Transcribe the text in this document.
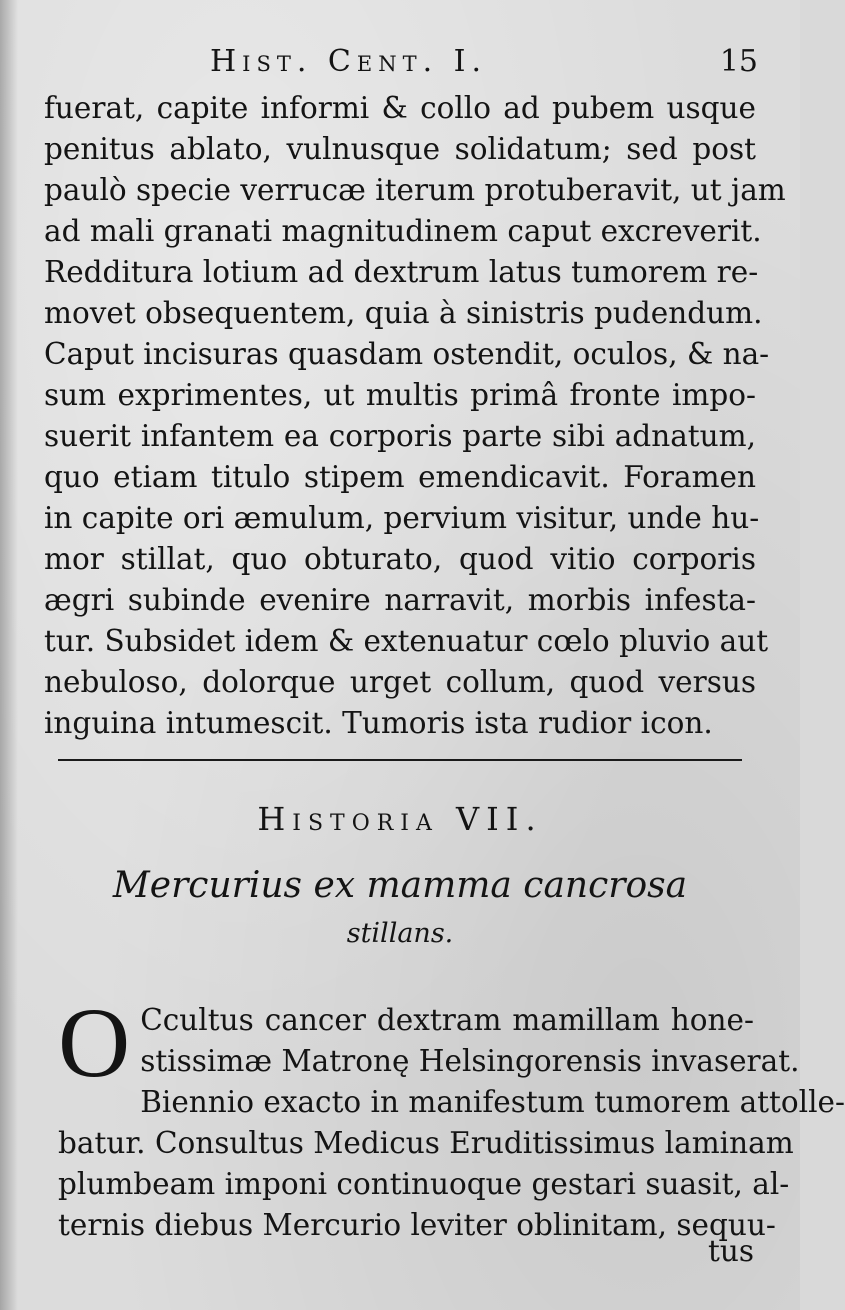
Hist. Cent. I.	15
fuerat, capite informi & collo ad pubem usque
penitus ablato, vulnusque solidatum; sed post
paulò specie verrucæ iterum protuberavit, ut jam
ad mali granati magnitudinem caput excreverit.
Redditura lotium ad dextrum latus tumorem re-
movet obsequentem, quia à sinistris pudendum.
Caput incisuras quasdam ostendit, oculos, & na-
sum exprimentes, ut multis primâ fronte impo-
suerit infantem ea corporis parte sibi adnatum,
quo etiam titulo stipem emendicavit. Foramen
in capite ori æmulum, pervium visitur, unde hu-
mor stillat, quo obturato, quod vitio corporis
ægri subinde evenire narravit, morbis infesta-
tur. Subsidet idem & extenuatur cœlo pluvio aut
nebuloso, dolorque urget collum, quod versus
inguina intumescit. Tumoris ista rudior icon.
Historia VII.
Mercurius ex mamma cancrosa
stillans.
O Ccultus cancer dextram mamillam hone-
stissimæ Matronę Helsingorensis invaserat.
Biennio exacto in manifestum tumorem attolle-
batur. Consultus Medicus Eruditissimus laminam
plumbeam imponi continuoque gestari suasit, al-
ternis diebus Mercurio leviter oblinitam, sequu-
tus
